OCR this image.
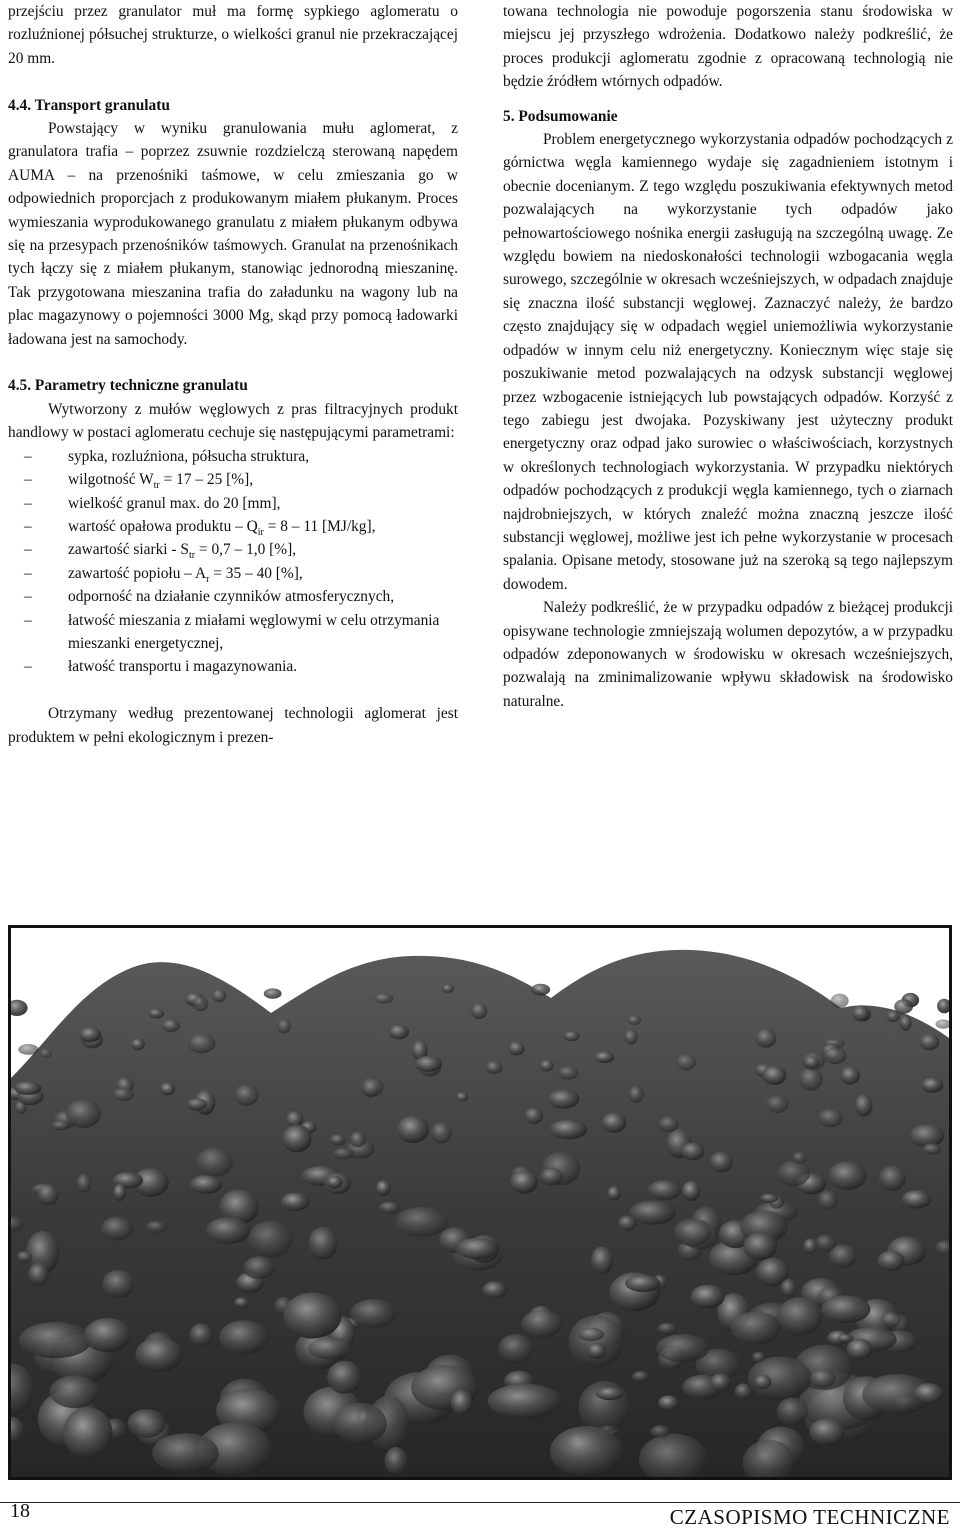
przejściu przez granulator muł ma formę sypkiego aglomeratu o rozluźnionej półsuchej strukturze, o wielkości granul nie przekraczającej 20 mm.

4.4. Transport granulatu

Powstający w wyniku granulowania mułu aglomerat, z granulatora trafia – poprzez zsuwnie rozdzielczą sterowaną napędem AUMA – na przenośniki taśmowe, w celu zmieszania go w odpowiednich proporcjach z produkowanym miałem płukanym. Proces wymieszania wyprodukowanego granulatu z miałem płukanym odbywa się na przesypach przenośników taśmowych. Granulat na przenośnikach tych łączy się z miałem płukanym, stanowiąc jednorodną mieszaninę. Tak przygotowana mieszanina trafia do załadunku na wagony lub na plac magazynowy o pojemności 3000 Mg, skąd przy pomocą ładowarki ładowana jest na samochody.

4.5. Parametry techniczne granulatu

Wytworzony z mułów węglowych z pras filtracyjnych produkt handlowy w postaci aglomeratu cechuje się następującymi parametrami:

– sypka, rozluźniona, półsucha struktura,
– wilgotność $W_{tr} = 17 - 25$ [%],
– wielkość granul max. do 20 [mm],
– wartość opałowa produktu – $Q_{ir} = 8 - 11$ [MJ/kg],
– zawartość siarki - $S_{tr} = 0,7 - 1,0$ [%],
– zawartość popiołu – $A_r = 35 - 40$ [%],
– odporność na działanie czynników atmosferycznych,
– łatwość mieszania z miałami węglowymi w celu otrzymania mieszanki energetycznej,
– łatwość transportu i magazynowania.

Otrzymany według prezentowanej technologii aglomerat jest produktem w pełni ekologicznym i prezen-

towana technologia nie powoduje pogorszenia stanu środowiska w miejscu jej przyszłego wdrożenia. Dodatkowo należy podkreślić, że proces produkcji aglomeratu zgodnie z opracowaną technologią nie będzie źródłem wtórnych odpadów.

5. Podsumowanie

Problem energetycznego wykorzystania odpadów pochodzących z górnictwa węgla kamiennego wydaje się zagadnieniem istotnym i obecnie docenianym. Z tego względu poszukiwania efektywnych metod pozwalających na wykorzystanie tych odpadów jako pełnowartościowego nośnika energii zasługują na szczególną uwagę. Ze względu bowiem na niedoskonałości technologii wzbogacania węgla surowego, szczególnie w okresach wcześniejszych, w odpadach znajduje się znaczna ilość substancji węglowej. Zaznaczyć należy, że bardzo często znajdujący się w odpadach węgiel uniemożliwia wykorzystanie odpadów w innym celu niż energetyczny. Koniecznym więc staje się poszukiwanie metod pozwalających na odzysk substancji węglowej przez wzbogacenie istniejących lub powstających odpadów. Korzyść z tego zabiegu jest dwojaka. Pozyskiwany jest użyteczny produkt energetyczny oraz odpad jako surowiec o właściwościach, korzystnych w określonych technologiach wykorzystania. W przypadku niektórych odpadów pochodzących z produkcji węgla kamiennego, tych o ziarnach najdrobniejszych, w których znaleźć można znaczną jeszcze ilość substancji węglowej, możliwe jest ich pełne wykorzystanie w procesach spalania. Opisane metody, stosowane już na szeroką są tego najlepszym dowodem.

Należy podkreślić, że w przypadku odpadów z bieżącej produkcji opisywane technologie zmniejszają wolumen depozytów, a w przypadku odpadów zdeponowanych w środowisku w okresach wcześniejszych, pozwalają na zminimalizowanie wpływu składowisk na środowisko naturalne.

18	CZASOPISMO TECHNICZNE
